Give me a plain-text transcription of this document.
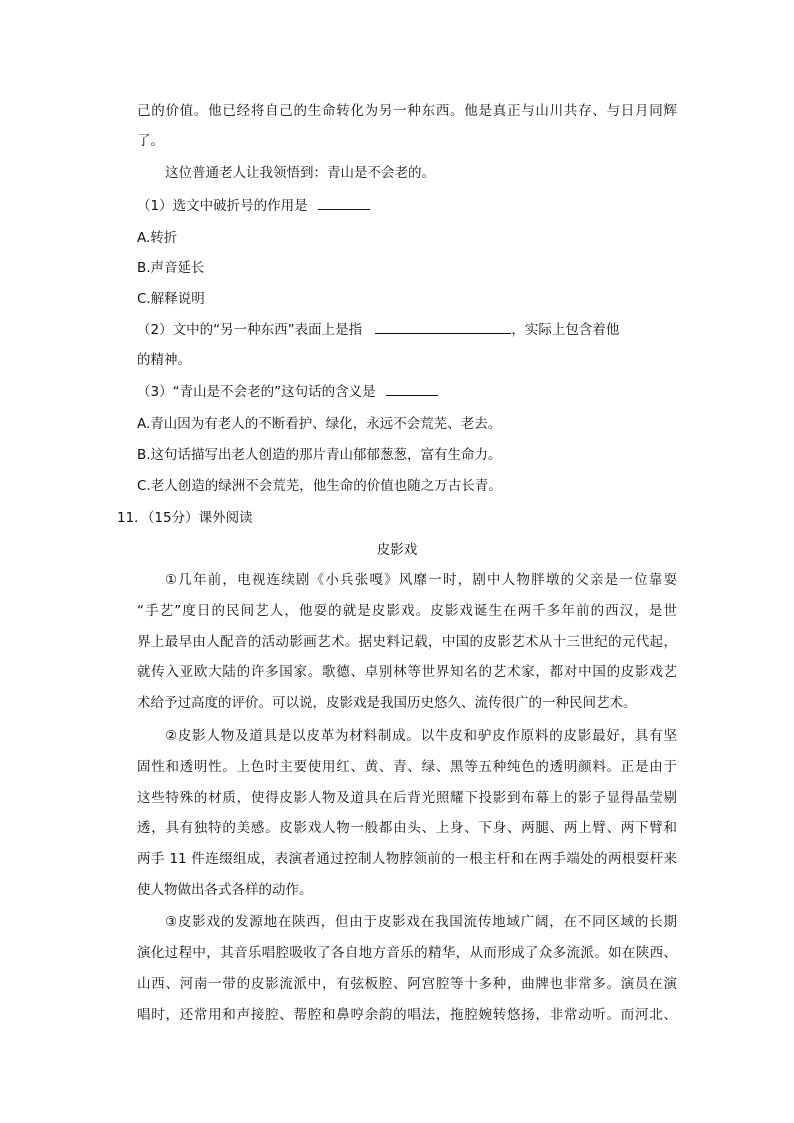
己的价值。他已经将自己的生命转化为另一种东西。他是真正与山川共存、与日月同辉
了。
这位普通老人让我领悟到：青山是不会老的。
（1）选文中破折号的作用是
A.转折
B.声音延长
C.解释说明
（2）文中的“另一种东西”表面上是指	，实际上包含着他
的精神。
（3）“青山是不会老的”这句话的含义是
A.青山因为有老人的不断看护、绿化，永远不会荒芜、老去。
B.这句话描写出老人创造的那片青山郁郁葱葱，富有生命力。
C.老人创造的绿洲不会荒芜，他生命的价值也随之万古长青。
11．（15分）课外阅读
皮影戏
①几年前，电视连续剧《小兵张嘎》风靡一时，剧中人物胖墩的父亲是一位靠耍
“手艺”度日的民间艺人，他耍的就是皮影戏。皮影戏诞生在两千多年前的西汉，是世
界上最早由人配音的活动影画艺术。据史料记载，中国的皮影艺术从十三世纪的元代起，
就传入亚欧大陆的许多国家。歌德、卓别林等世界知名的艺术家，都对中国的皮影戏艺
术给予过高度的评价。可以说，皮影戏是我国历史悠久、流传很广的一种民间艺术。
②皮影人物及道具是以皮革为材料制成。以牛皮和驴皮作原料的皮影最好，具有坚
固性和透明性。上色时主要使用红、黄、青、绿、黑等五种纯色的透明颜料。正是由于
这些特殊的材质，使得皮影人物及道具在后背光照耀下投影到布幕上的影子显得晶莹剔
透，具有独特的美感。皮影戏人物一般都由头、上身、下身、两腿、两上臂、两下臂和
两手 11 件连缀组成，表演者通过控制人物脖领前的一根主杆和在两手端处的两根耍杆来
使人物做出各式各样的动作。
③皮影戏的发源地在陕西，但由于皮影戏在我国流传地域广阔，在不同区域的长期
演化过程中，其音乐唱腔吸收了各自地方音乐的精华，从而形成了众多流派。如在陕西、
山西、河南一带的皮影流派中，有弦板腔、阿宫腔等十多种，曲牌也非常多。演员在演
唱时，还常用和声接腔、帮腔和鼻哼余韵的唱法，拖腔婉转悠扬，非常动听。而河北、
